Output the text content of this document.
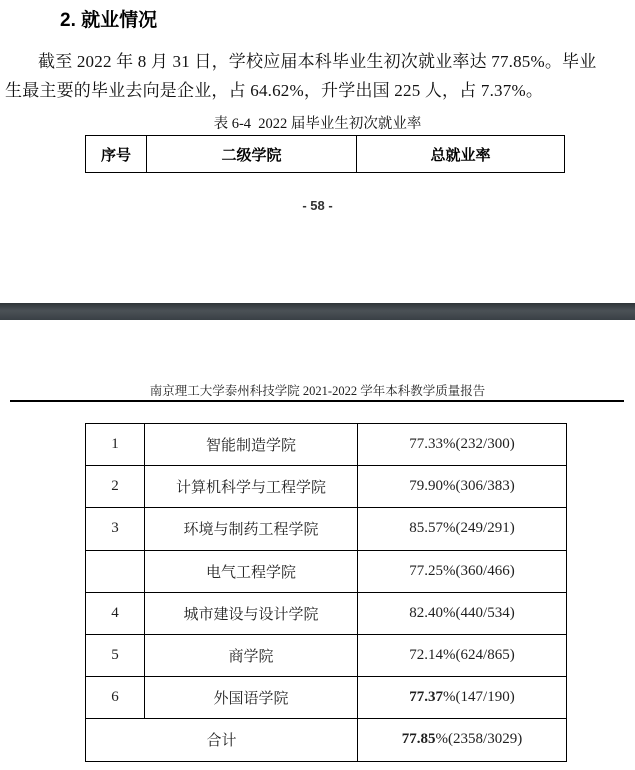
2. 就业情况
截至 2022 年 8 月 31 日，学校应届本科毕业生初次就业率达 77.85%。毕业
生最主要的毕业去向是企业，占 64.62%，升学出国 225 人，占 7.37%。
表 6-4  2022 届毕业生初次就业率
序号	二级学院	总就业率
- 58 -
南京理工大学泰州科技学院 2021-2022 学年本科教学质量报告
1	智能制造学院	77.33%(232/300)
2	计算机科学与工程学院	79.90%(306/383)
3	环境与制药工程学院	85.57%(249/291)
	电气工程学院	77.25%(360/466)
4	城市建设与设计学院	82.40%(440/534)
5	商学院	72.14%(624/865)
6	外国语学院	77.37%(147/190)
合计		77.85%(2358/3029)
